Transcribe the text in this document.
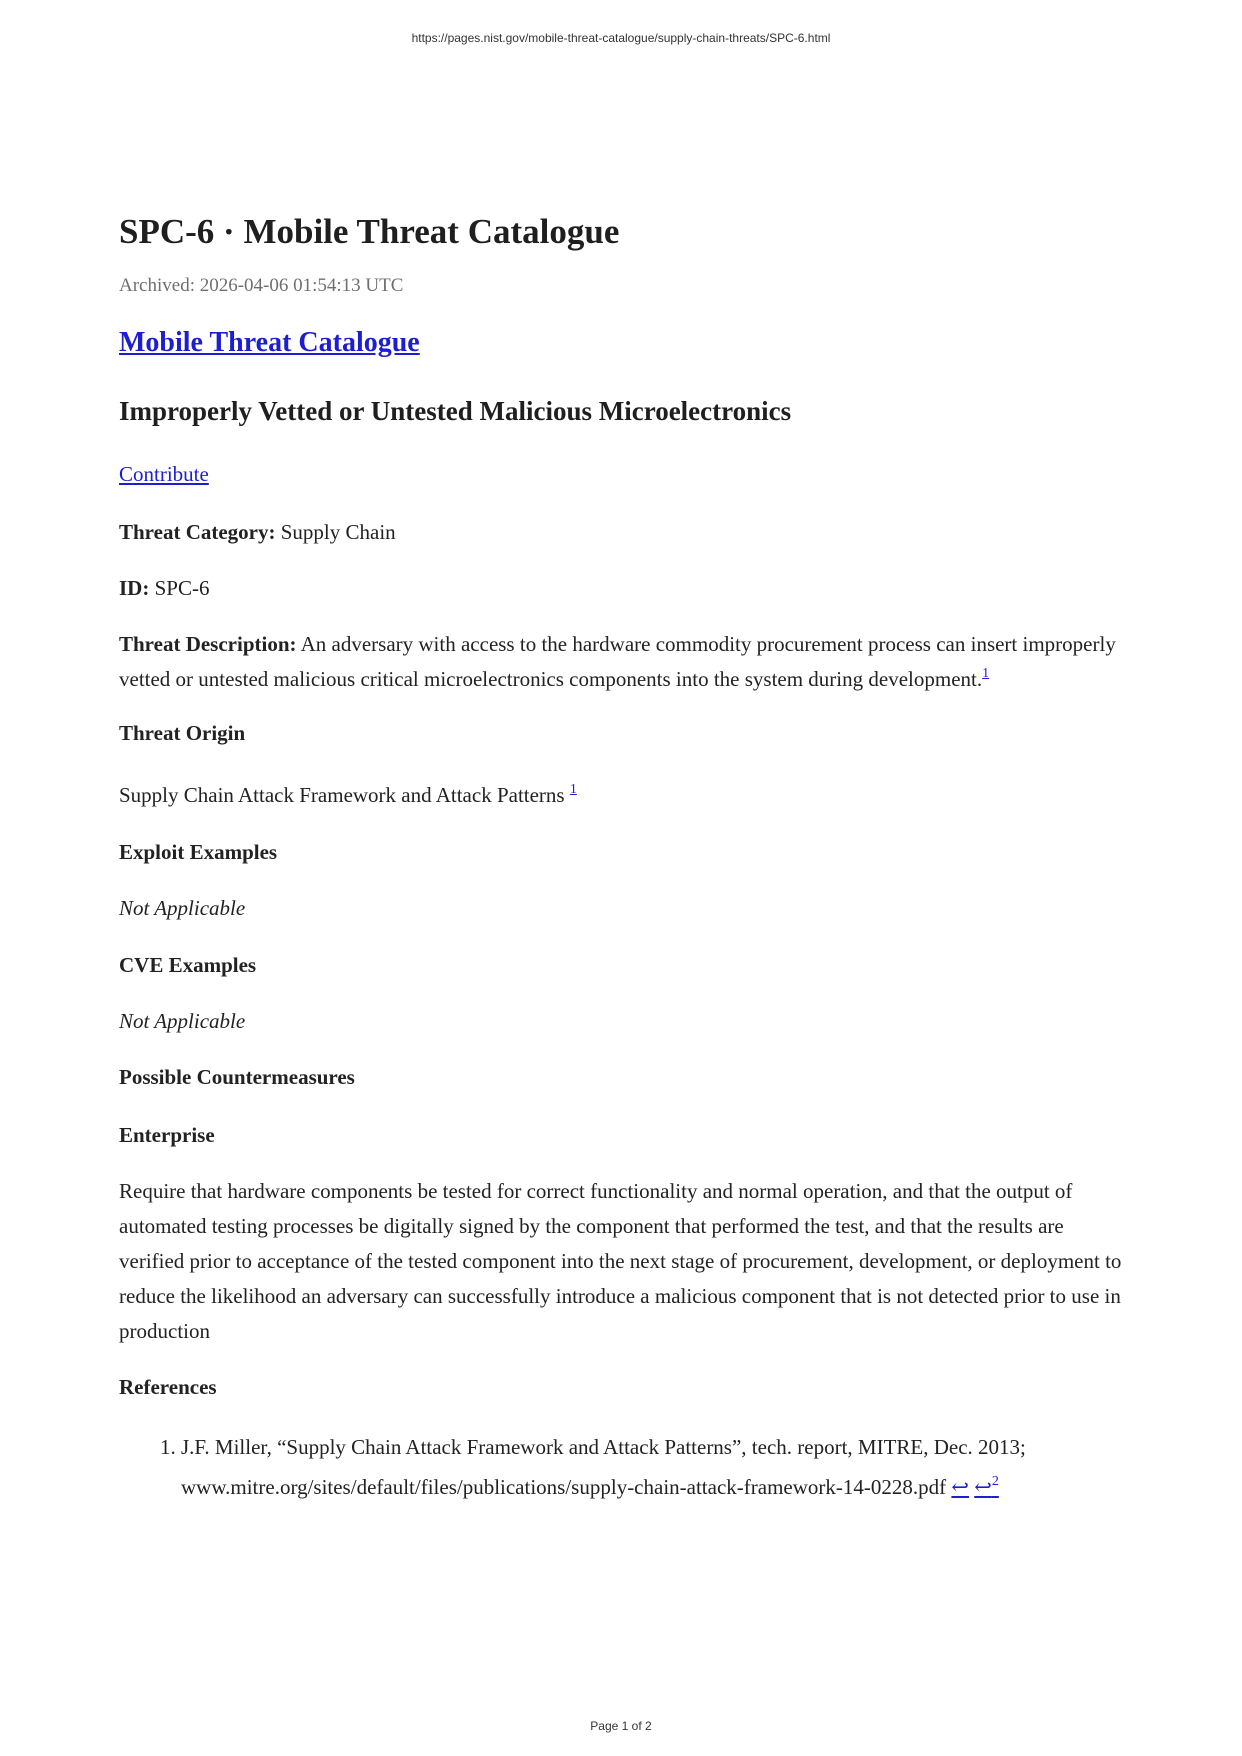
https://pages.nist.gov/mobile-threat-catalogue/supply-chain-threats/SPC-6.html
SPC-6 · Mobile Threat Catalogue
Archived: 2026-04-06 01:54:13 UTC
Mobile Threat Catalogue
Improperly Vetted or Untested Malicious Microelectronics

Contribute

Threat Category: Supply Chain

ID: SPC-6

Threat Description: An adversary with access to the hardware commodity procurement process can insert improperly vetted or untested malicious critical microelectronics components into the system during development.$^1$

Threat Origin

Supply Chain Attack Framework and Attack Patterns $^1$

Exploit Examples

Not Applicable

CVE Examples

Not Applicable

Possible Countermeasures

Enterprise

Require that hardware components be tested for correct functionality and normal operation, and that the output of automated testing processes be digitally signed by the component that performed the test, and that the results are verified prior to acceptance of the tested component into the next stage of procurement, development, or deployment to reduce the likelihood an adversary can successfully introduce a malicious component that is not detected prior to use in production

References

1. J.F. Miller, “Supply Chain Attack Framework and Attack Patterns”, tech. report, MITRE, Dec. 2013; www.mitre.org/sites/default/files/publications/supply-chain-attack-framework-14-0228.pdf ↩ ↩$^2$
Page 1 of 2
